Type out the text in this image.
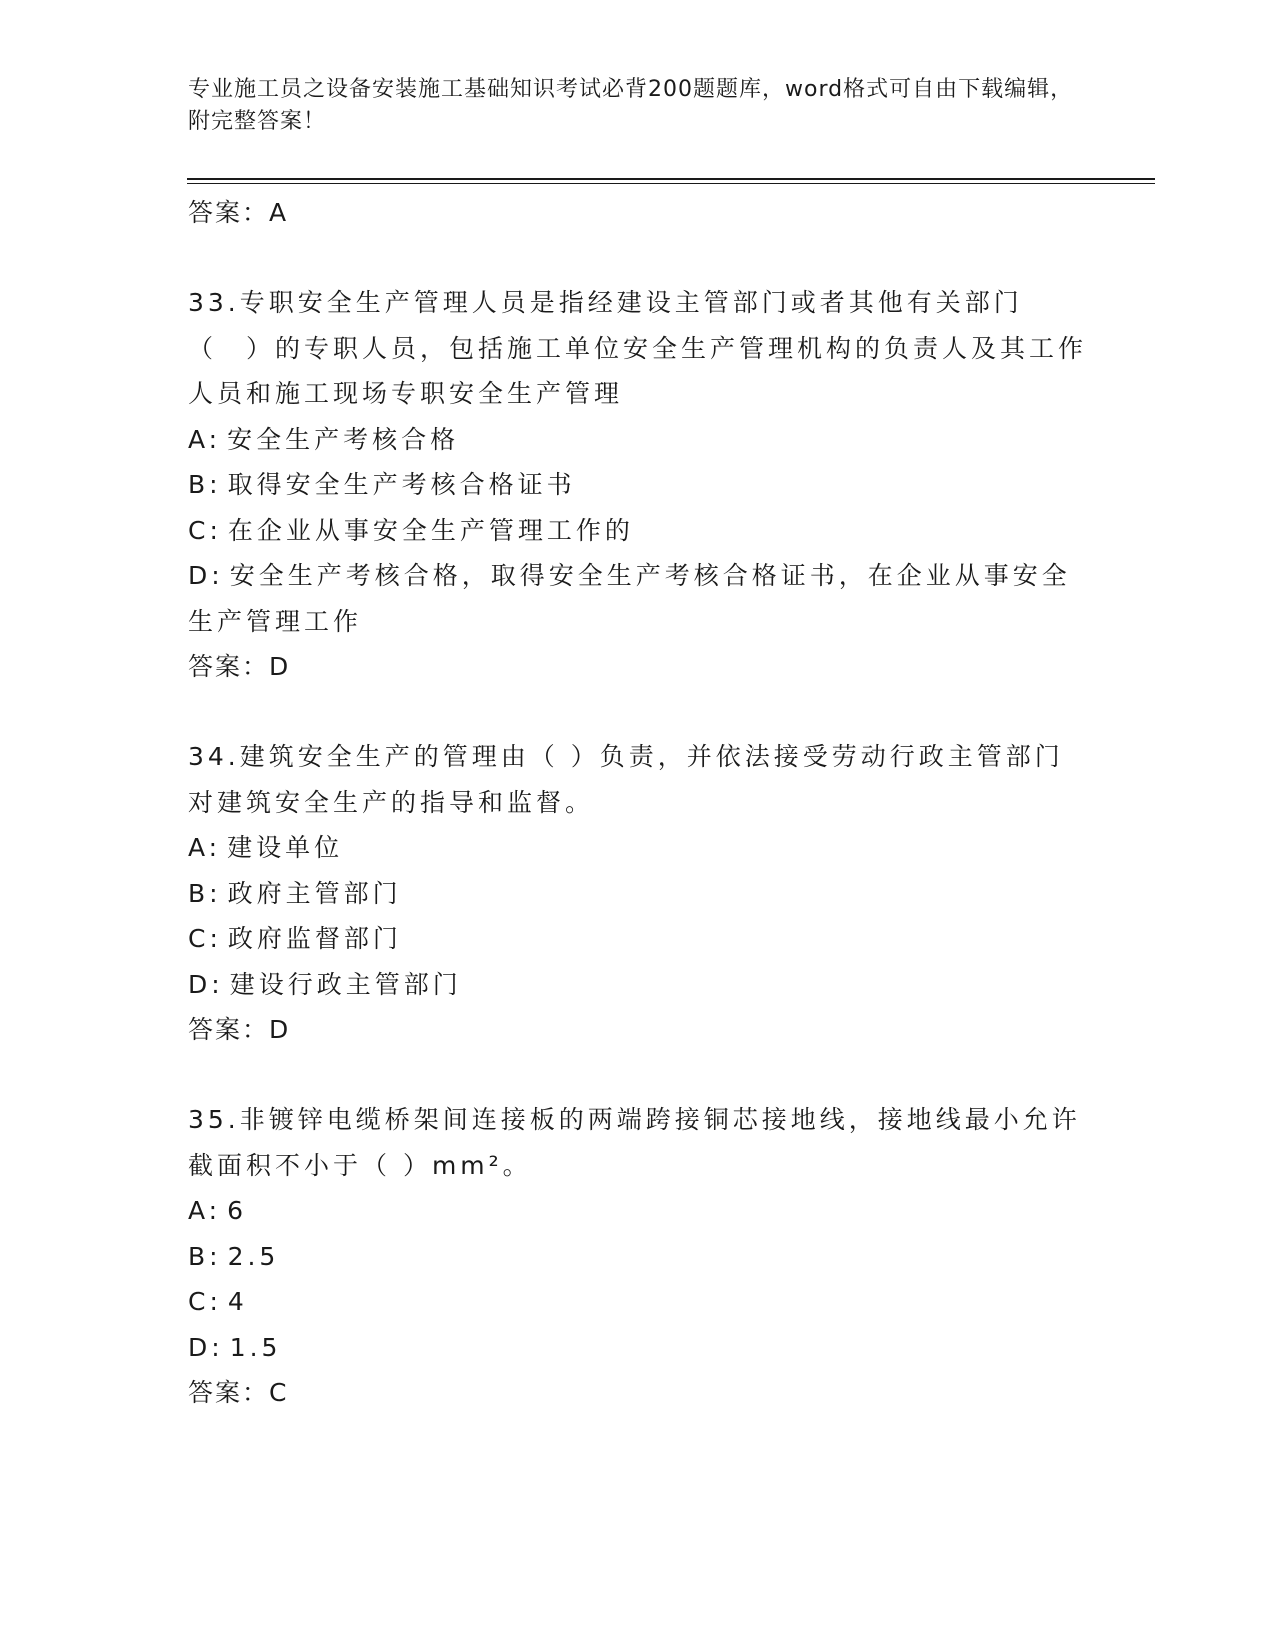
专业施工员之设备安装施工基础知识考试必背200题题库，word格式可自由下载编辑，附完整答案！
答案：A
33.专职安全生产管理人员是指经建设主管部门或者其他有关部门（　）的专职人员，包括施工单位安全生产管理机构的负责人及其工作人员和施工现场专职安全生产管理
A: 安全生产考核合格
B: 取得安全生产考核合格证书
C: 在企业从事安全生产管理工作的
D: 安全生产考核合格，取得安全生产考核合格证书，在企业从事安全生产管理工作
答案：D
34.建筑安全生产的管理由（ ）负责，并依法接受劳动行政主管部门对建筑安全生产的指导和监督。
A: 建设单位
B: 政府主管部门
C: 政府监督部门
D: 建设行政主管部门
答案：D
35.非镀锌电缆桥架间连接板的两端跨接铜芯接地线，接地线最小允许截面积不小于（ ）mm²。
A: 6
B: 2.5
C: 4
D: 1.5
答案：C
